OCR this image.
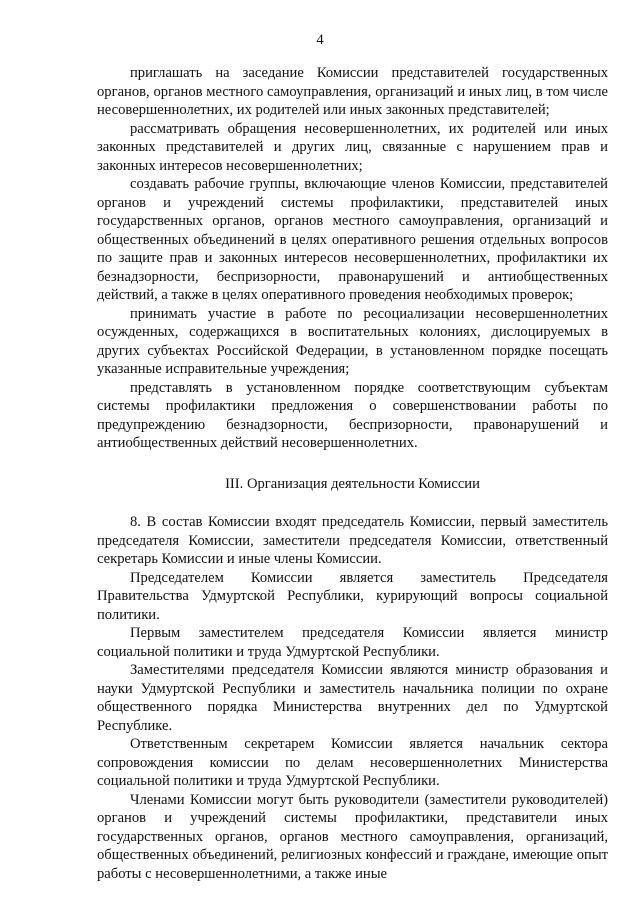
4

приглашать на заседание Комиссии представителей государственных органов, органов местного самоуправления, организаций и иных лиц, в том числе несовершеннолетних, их родителей или иных законных представителей;

рассматривать обращения несовершеннолетних, их родителей или иных законных представителей и других лиц, связанные с нарушением прав и законных интересов несовершеннолетних;

создавать рабочие группы, включающие членов Комиссии, представителей органов и учреждений системы профилактики, представителей иных государственных органов, органов местного самоуправления, организаций и общественных объединений в целях оперативного решения отдельных вопросов по защите прав и законных интересов несовершеннолетних, профилактики их безнадзорности, беспризорности, правонарушений и антиобщественных действий, а также в целях оперативного проведения необходимых проверок;

принимать участие в работе по ресоциализации несовершеннолетних осужденных, содержащихся в воспитательных колониях, дислоцируемых в других субъектах Российской Федерации, в установленном порядке посещать указанные исправительные учреждения;

представлять в установленном порядке соответствующим субъектам системы профилактики предложения о совершенствовании работы по предупреждению безнадзорности, беспризорности, правонарушений и антиобщественных действий несовершеннолетних.

III. Организация деятельности Комиссии

8. В состав Комиссии входят председатель Комиссии, первый заместитель председателя Комиссии, заместители председателя Комиссии, ответственный секретарь Комиссии и иные члены Комиссии.

Председателем Комиссии является заместитель Председателя Правительства Удмуртской Республики, курирующий вопросы социальной политики.

Первым заместителем председателя Комиссии является министр социальной политики и труда Удмуртской Республики.

Заместителями председателя Комиссии являются министр образования и науки Удмуртской Республики и заместитель начальника полиции по охране общественного порядка Министерства внутренних дел по Удмуртской Республике.

Ответственным секретарем Комиссии является начальник сектора сопровождения комиссии по делам несовершеннолетних Министерства социальной политики и труда Удмуртской Республики.

Членами Комиссии могут быть руководители (заместители руководителей) органов и учреждений системы профилактики, представители иных государственных органов, органов местного самоуправления, организаций, общественных объединений, религиозных конфессий и граждане, имеющие опыт работы с несовершеннолетними, а также иные
